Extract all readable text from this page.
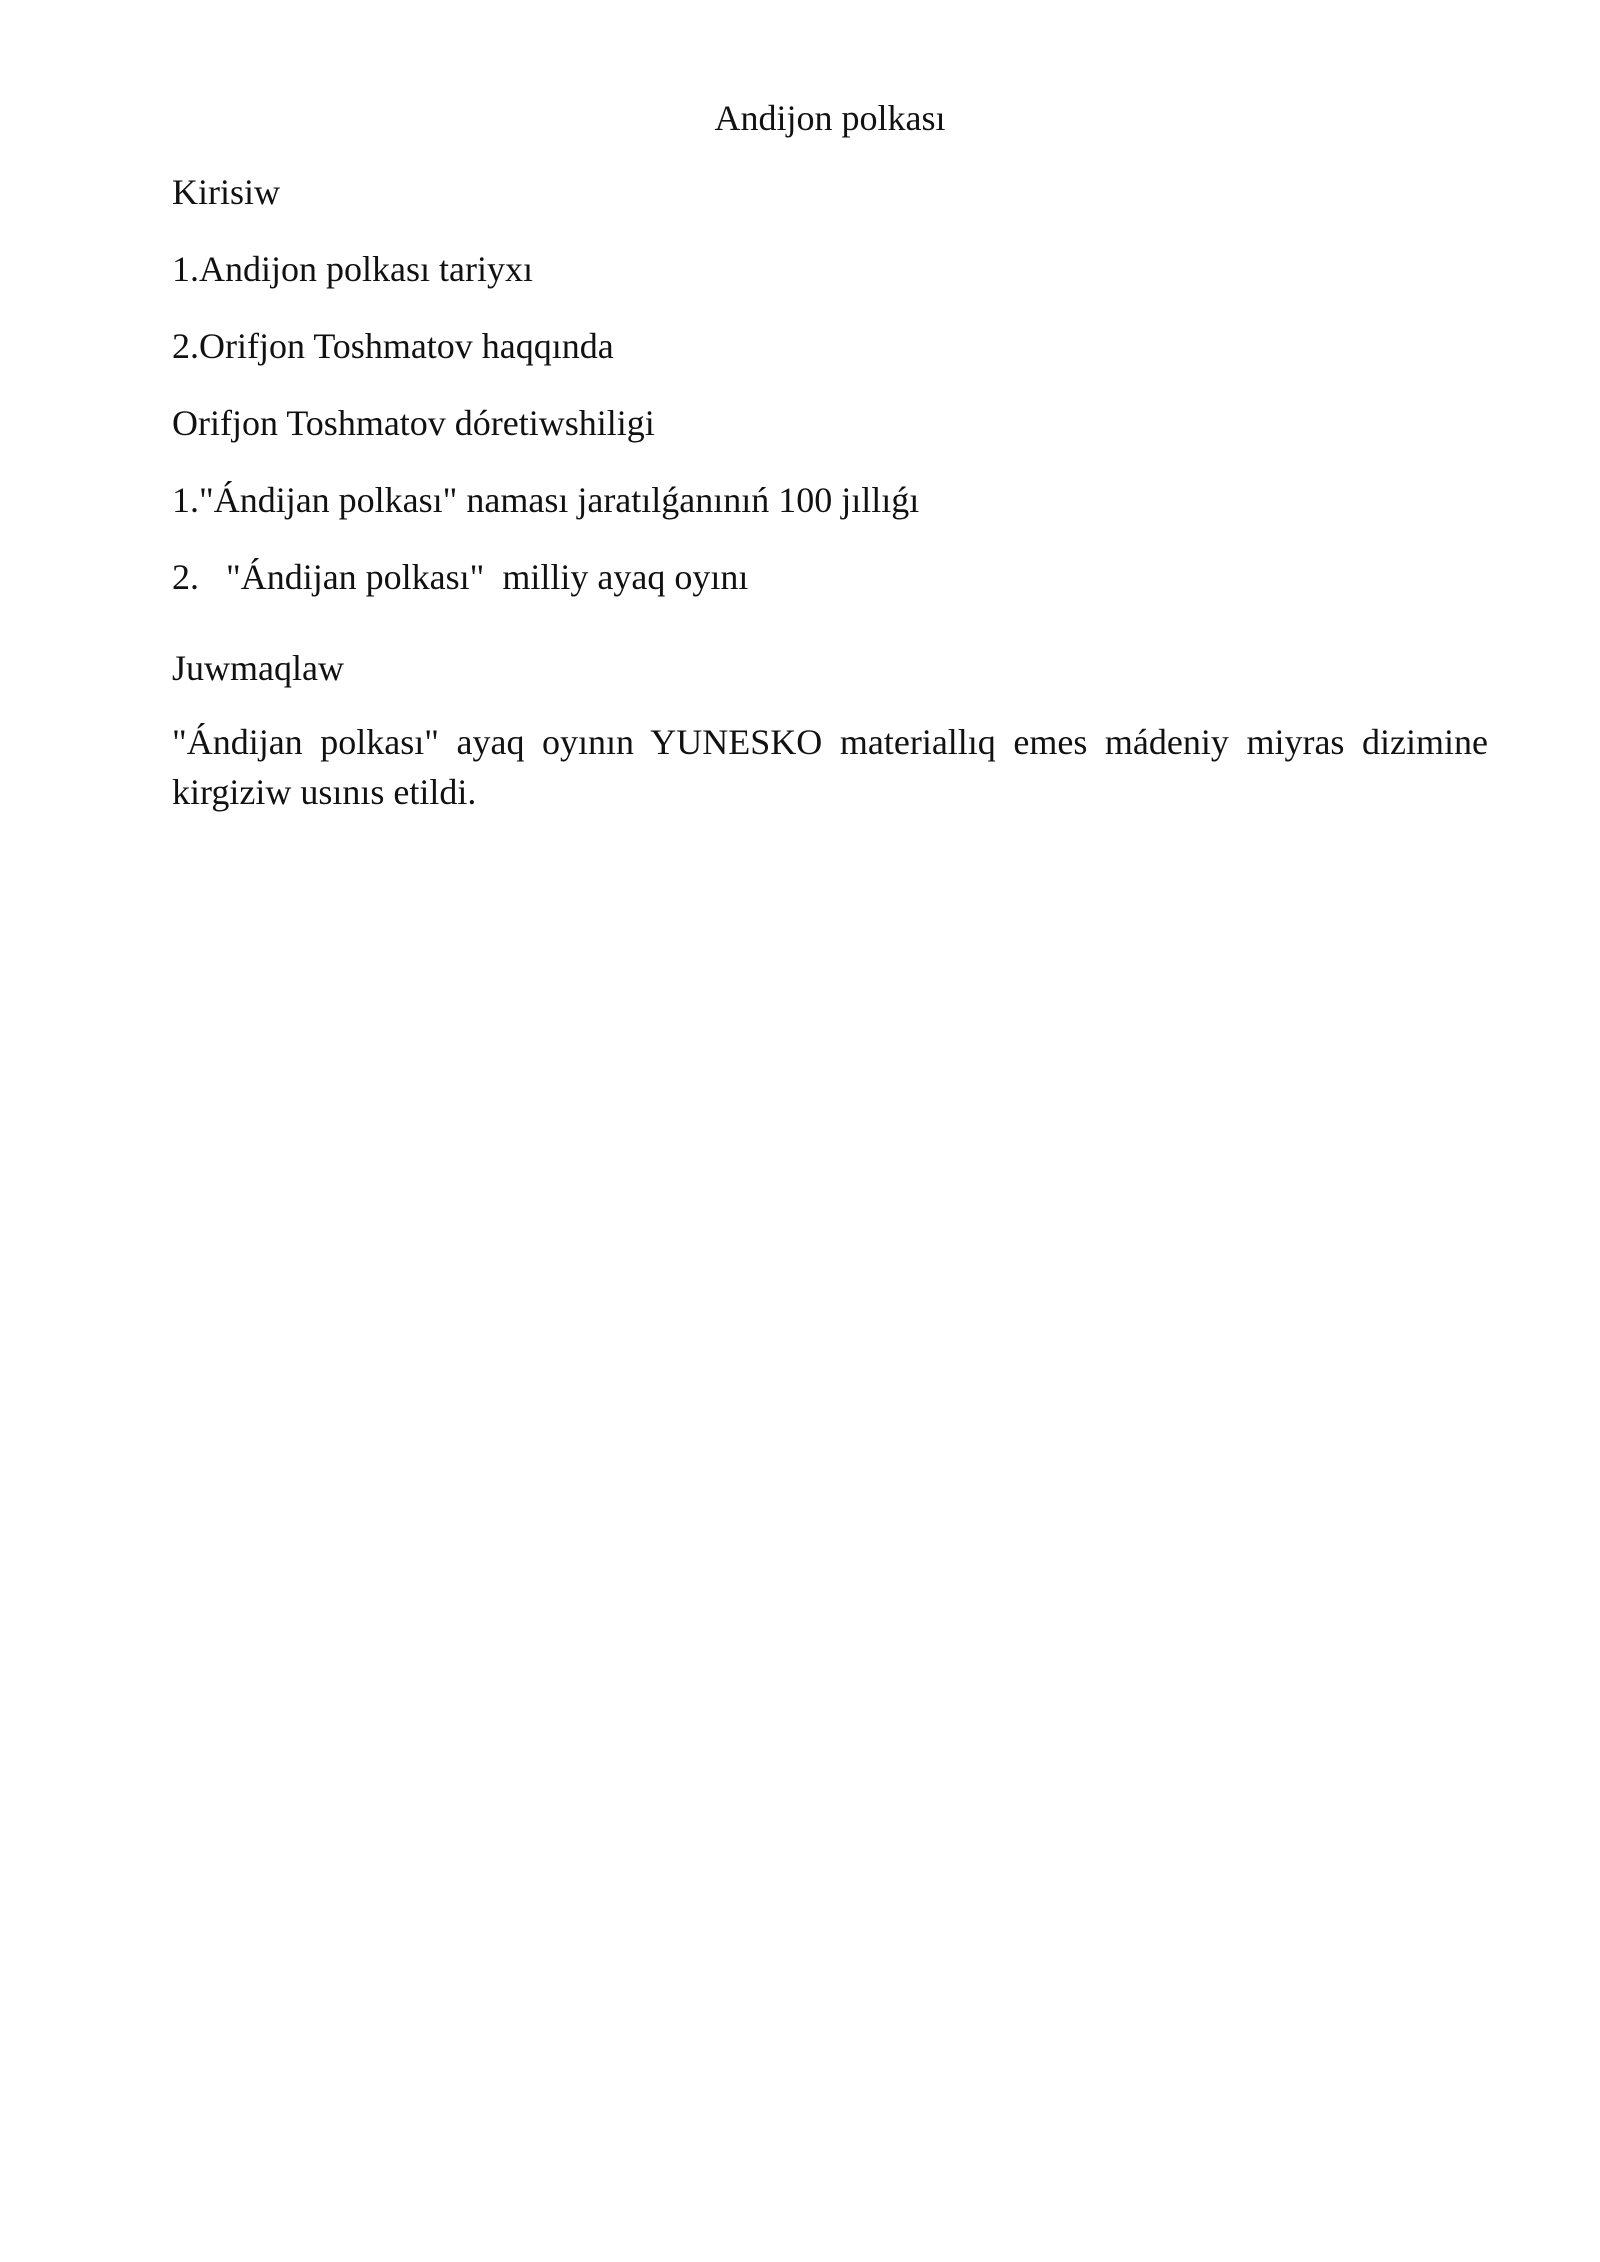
Andijon polkası
Kirisiw
1.Andijon polkası tariyxı
2.Orifjon Toshmatov haqqında
Orifjon Toshmatov dóretiwshiligi
1."Ándijan polkası" naması jaratılǵanınıń 100 jıllıǵı
2.   "Ándijan polkası"  milliy ayaq oyını
Juwmaqlaw

"Ándijan polkası" ayaq oyının YUNESKO materiallıq emes mádeniy miyras dizimine kirgiziw usınıs etildi.
